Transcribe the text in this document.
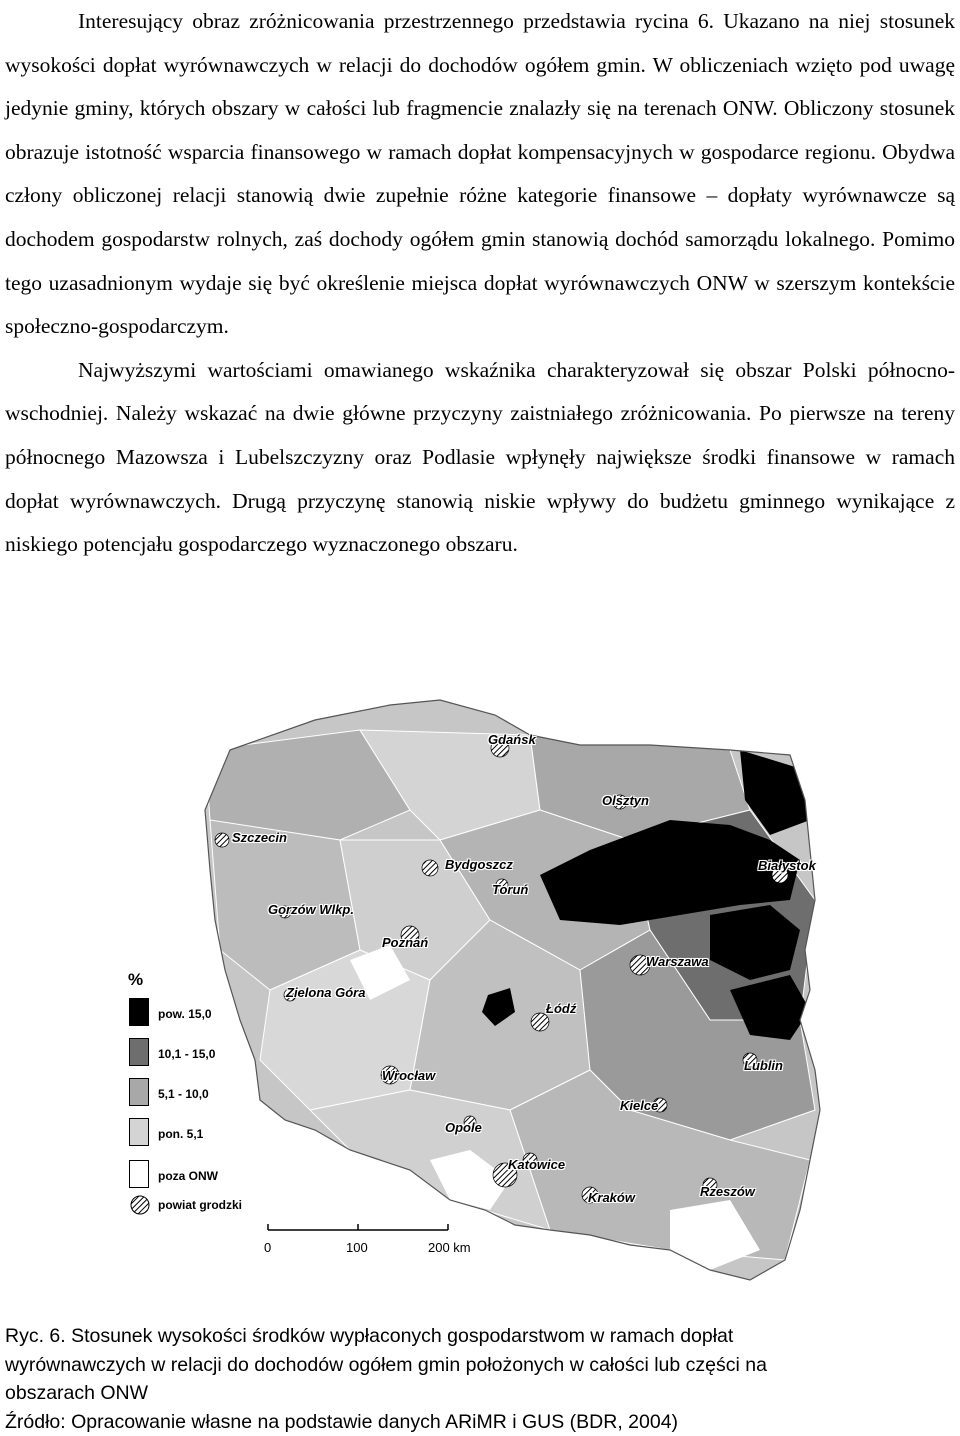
Interesujący obraz zróżnicowania przestrzennego przedstawia rycina 6. Ukazano na niej stosunek wysokości dopłat wyrównawczych w relacji do dochodów ogółem gmin. W obliczeniach wzięto pod uwagę jedynie gminy, których obszary w całości lub fragmencie znalazły się na terenach ONW. Obliczony stosunek obrazuje istotność wsparcia finansowego w ramach dopłat kompensacyjnych w gospodarce regionu. Obydwa człony obliczonej relacji stanowią dwie zupełnie różne kategorie finansowe – dopłaty wyrównawcze są dochodem gospodarstw rolnych, zaś dochody ogółem gmin stanowią dochód samorządu lokalnego. Pomimo tego uzasadnionym wydaje się być określenie miejsca dopłat wyrównawczych ONW w szerszym kontekście społeczno-gospodarczym.

Najwyższymi wartościami omawianego wskaźnika charakteryzował się obszar Polski północno-wschodniej. Należy wskazać na dwie główne przyczyny zaistniałego zróżnicowania. Po pierwsze na tereny północnego Mazowsza i Lubelszczyzny oraz Podlasie wpłynęły największe środki finansowe w ramach dopłat wyrównawczych. Drugą przyczynę stanowią niskie wpływy do budżetu gminnego wynikające z niskiego potencjału gospodarczego wyznaczonego obszaru.

Gdańsk
Olsztyn
Szczecin
Bydgoszcz
Toruń
Białystok
Gorzów Wlkp.
Poznań
Warszawa
Zielona Góra
Łódź
Lublin
Wrocław
Kielce
Opole
Katowice
Kraków	Rzeszów
%
pow. 15,0
10,1 - 15,0
5,1 - 10,0
pon. 5,1
poza ONW
powiat grodzki
0	100	200 km
Ryc. 6. Stosunek wysokości środków wypłaconych gospodarstwom w ramach dopłat
wyrównawczych w relacji do dochodów ogółem gmin położonych w całości lub części na
obszarach ONW
Źródło: Opracowanie własne na podstawie danych ARiMR i GUS (BDR, 2004)
